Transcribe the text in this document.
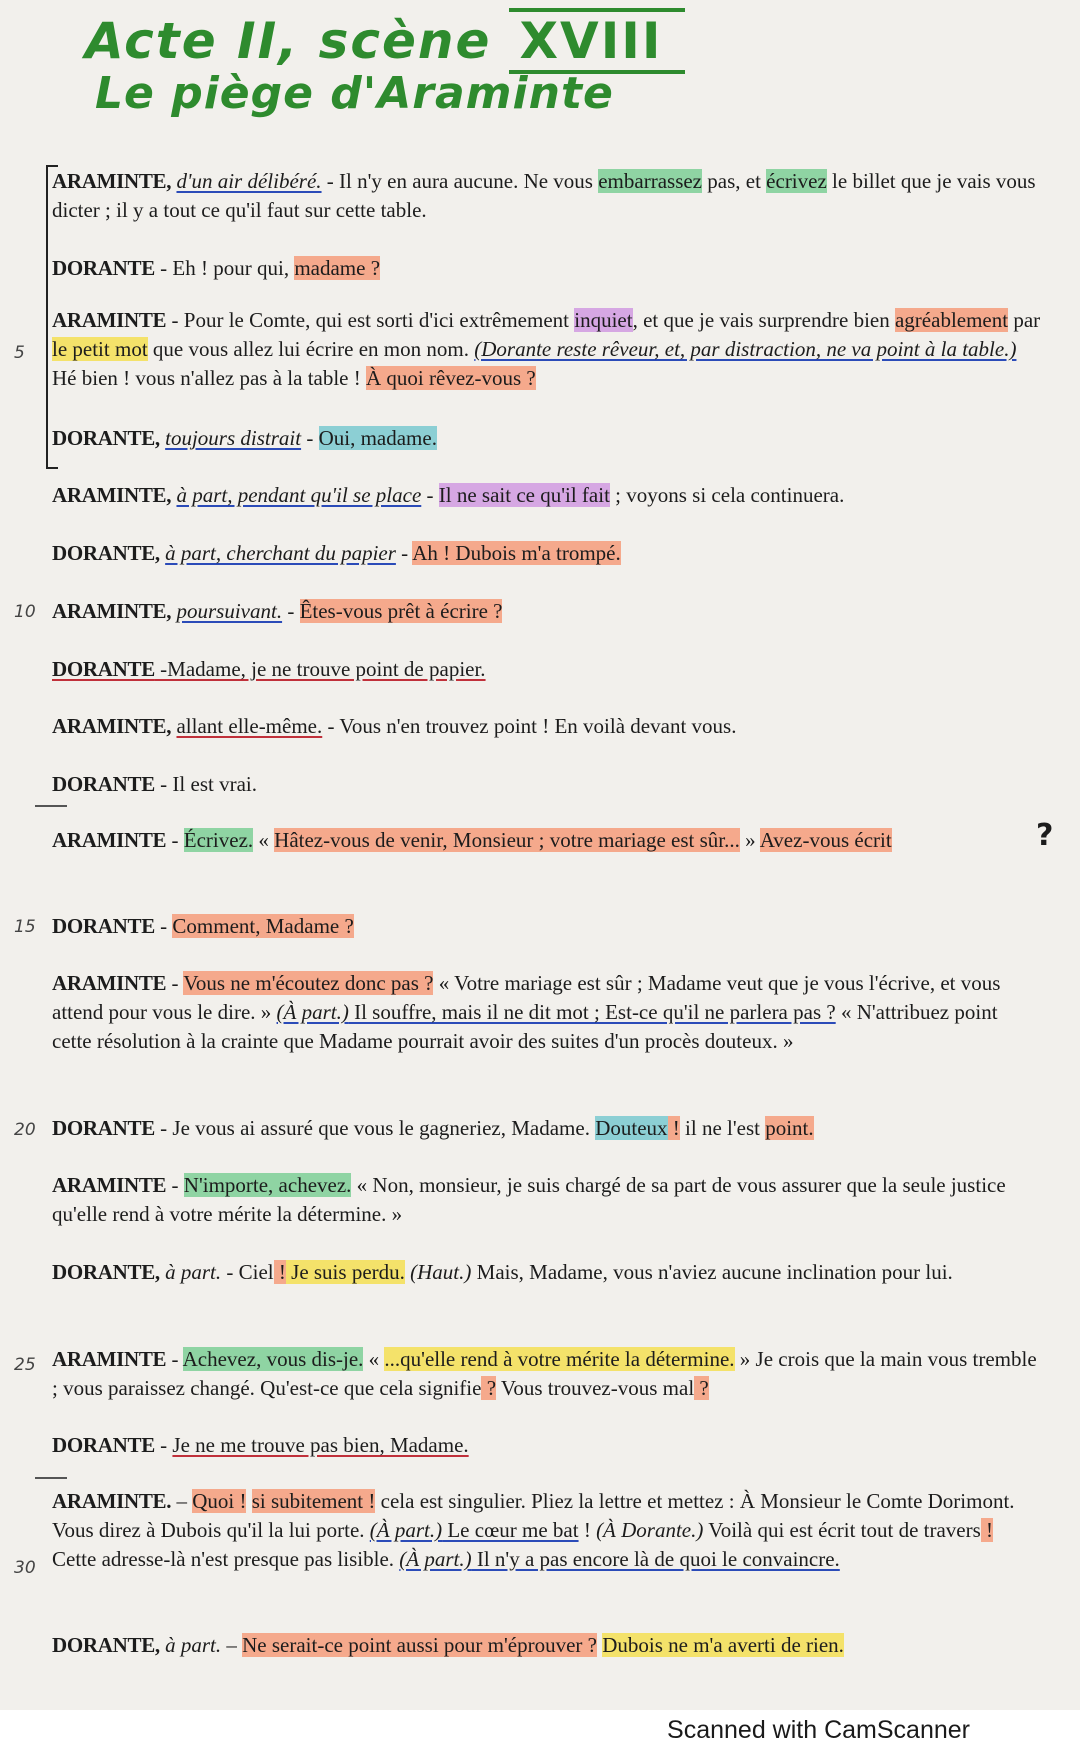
Acte II, scène XVIII
Le piège d'Araminte
5
10
15
20
25
30

ARAMINTE, d'un air délibéré. - Il n'y en aura aucune. Ne vous embarrassez pas, et écrivez le billet que je vais vous dicter ; il y a tout ce qu'il faut sur cette table.

DORANTE - Eh ! pour qui, madame ?

ARAMINTE - Pour le Comte, qui est sorti d'ici extrêmement inquiet, et que je vais surprendre bien agréablement par le petit mot que vous allez lui écrire en mon nom. (Dorante reste rêveur, et, par distraction, ne va point à la table.) Hé bien ! vous n'allez pas à la table ! À quoi rêvez-vous ?

DORANTE, toujours distrait - Oui, madame.

ARAMINTE, à part, pendant qu'il se place - Il ne sait ce qu'il fait ; voyons si cela continuera.

DORANTE, à part, cherchant du papier - Ah ! Dubois m'a trompé.

ARAMINTE, poursuivant. - Êtes-vous prêt à écrire ?

DORANTE -Madame, je ne trouve point de papier.

ARAMINTE, allant elle-même. - Vous n'en trouvez point ! En voilà devant vous.

DORANTE - Il est vrai.

ARAMINTE - Écrivez. « Hâtez-vous de venir, Monsieur ; votre mariage est sûr... » Avez-vous écrit	?

DORANTE - Comment, Madame ?

ARAMINTE - Vous ne m'écoutez donc pas ? « Votre mariage est sûr ; Madame veut que je vous l'écrive, et vous attend pour vous le dire. » (À part.) Il souffre, mais il ne dit mot ; Est-ce qu'il ne parlera pas ? « N'attribuez point cette résolution à la crainte que Madame pourrait avoir des suites d'un procès douteux. »

DORANTE - Je vous ai assuré que vous le gagneriez, Madame. Douteux ! il ne l'est point.

ARAMINTE - N'importe, achevez. « Non, monsieur, je suis chargé de sa part de vous assurer que la seule justice qu'elle rend à votre mérite la détermine. »

DORANTE, à part. - Ciel ! Je suis perdu. (Haut.) Mais, Madame, vous n'aviez aucune inclination pour lui.

ARAMINTE - Achevez, vous dis-je. « ...qu'elle rend à votre mérite la détermine. » Je crois que la main vous tremble ; vous paraissez changé. Qu'est-ce que cela signifie ? Vous trouvez-vous mal ?

DORANTE - Je ne me trouve pas bien, Madame.

ARAMINTE. – Quoi ! si subitement ! cela est singulier. Pliez la lettre et mettez : À Monsieur le Comte Dorimont. Vous direz à Dubois qu'il la lui porte. (À part.) Le cœur me bat ! (À Dorante.) Voilà qui est écrit tout de travers ! Cette adresse-là n'est presque pas lisible. (À part.) Il n'y a pas encore là de quoi le convaincre.

DORANTE, à part. – Ne serait-ce point aussi pour m'éprouver ? Dubois ne m'a averti de rien.

Scanned with CamScanner
